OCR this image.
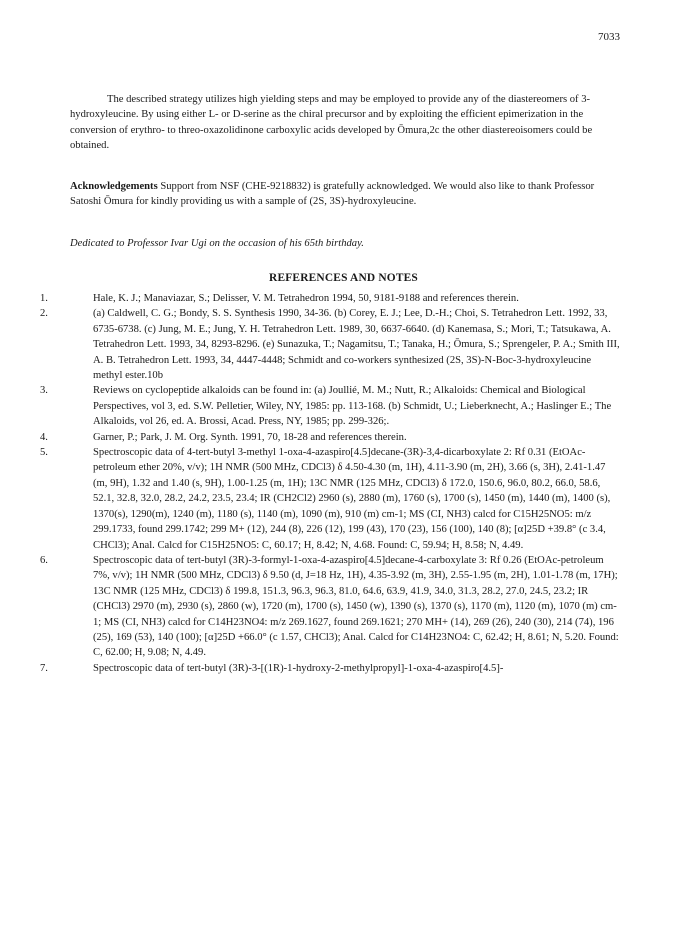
7033

The described strategy utilizes high yielding steps and may be employed to provide any of the diastereomers of 3-hydroxyleucine. By using either L- or D-serine as the chiral precursor and by exploiting the efficient epimerization in the conversion of erythro- to threo-oxazolidinone carboxylic acids developed by Ōmura,2c the other diastereoisomers could be obtained.

Acknowledgements Support from NSF (CHE-9218832) is gratefully acknowledged. We would also like to thank Professor Satoshi Ōmura for kindly providing us with a sample of (2S, 3S)-hydroxyleucine.

Dedicated to Professor Ivar Ugi on the occasion of his 65th birthday.

REFERENCES AND NOTES
1.	Hale, K. J.; Manaviazar, S.; Delisser, V. M. Tetrahedron 1994, 50, 9181-9188 and references therein.
2.	(a) Caldwell, C. G.; Bondy, S. S. Synthesis 1990, 34-36. (b) Corey, E. J.; Lee, D.-H.; Choi, S. Tetrahedron Lett. 1992, 33, 6735-6738. (c) Jung, M. E.; Jung, Y. H. Tetrahedron Lett. 1989, 30, 6637-6640. (d) Kanemasa, S.; Mori, T.; Tatsukawa, A. Tetrahedron Lett. 1993, 34, 8293-8296. (e) Sunazuka, T.; Nagamitsu, T.; Tanaka, H.; Ōmura, S.; Sprengeler, P. A.; Smith III, A. B. Tetrahedron Lett. 1993, 34, 4447-4448; Schmidt and co-workers synthesized (2S, 3S)-N-Boc-3-hydroxyleucine methyl ester.10b
3.	Reviews on cyclopeptide alkaloids can be found in: (a) Joullié, M. M.; Nutt, R.; Alkaloids: Chemical and Biological Perspectives, vol 3, ed. S.W. Pelletier, Wiley, NY, 1985: pp. 113-168. (b) Schmidt, U.; Lieberknecht, A.; Haslinger E.; The Alkaloids, vol 26, ed. A. Brossi, Acad. Press, NY, 1985; pp. 299-326;.
4.	Garner, P.; Park, J. M. Org. Synth. 1991, 70, 18-28 and references therein.
5.	Spectroscopic data of 4-tert-butyl 3-methyl 1-oxa-4-azaspiro[4.5]decane-(3R)-3,4-dicarboxylate 2: Rf 0.31 (EtOAc-petroleum ether 20%, v/v); 1H NMR (500 MHz, CDCl3) δ 4.50-4.30 (m, 1H), 4.11-3.90 (m, 2H), 3.66 (s, 3H), 2.41-1.47 (m, 9H), 1.32 and 1.40 (s, 9H), 1.00-1.25 (m, 1H); 13C NMR (125 MHz, CDCl3) δ 172.0, 150.6, 96.0, 80.2, 66.0, 58.6, 52.1, 32.8, 32.0, 28.2, 24.2, 23.5, 23.4; IR (CH2Cl2) 2960 (s), 2880 (m), 1760 (s), 1700 (s), 1450 (m), 1440 (m), 1400 (s), 1370(s), 1290(m), 1240 (m), 1180 (s), 1140 (m), 1090 (m), 910 (m) cm-1; MS (CI, NH3) calcd for C15H25NO5: m/z 299.1733, found 299.1742; 299 M+ (12), 244 (8), 226 (12), 199 (43), 170 (23), 156 (100), 140 (8); [α]25D +39.8° (c 3.4, CHCl3); Anal. Calcd for C15H25NO5: C, 60.17; H, 8.42; N, 4.68. Found: C, 59.94; H, 8.58; N, 4.49.
6.	Spectroscopic data of tert-butyl (3R)-3-formyl-1-oxa-4-azaspiro[4.5]decane-4-carboxylate 3: Rf 0.26 (EtOAc-petroleum 7%, v/v); 1H NMR (500 MHz, CDCl3) δ 9.50 (d, J=18 Hz, 1H), 4.35-3.92 (m, 3H), 2.55-1.95 (m, 2H), 1.01-1.78 (m, 17H); 13C NMR (125 MHz, CDCl3) δ 199.8, 151.3, 96.3, 96.3, 81.0, 64.6, 63.9, 41.9, 34.0, 31.3, 28.2, 27.0, 24.5, 23.2; IR (CHCl3) 2970 (m), 2930 (s), 2860 (w), 1720 (m), 1700 (s), 1450 (w), 1390 (s), 1370 (s), 1170 (m), 1120 (m), 1070 (m) cm-1; MS (CI, NH3) calcd for C14H23NO4: m/z 269.1627, found 269.1621; 270 MH+ (14), 269 (26), 240 (30), 214 (74), 196 (25), 169 (53), 140 (100); [α]25D +66.0° (c 1.57, CHCl3); Anal. Calcd for C14H23NO4: C, 62.42; H, 8.61; N, 5.20. Found: C, 62.00; H, 9.08; N, 4.49.
7.	Spectroscopic data of tert-butyl (3R)-3-[(1R)-1-hydroxy-2-methylpropyl]-1-oxa-4-azaspiro[4.5]-
